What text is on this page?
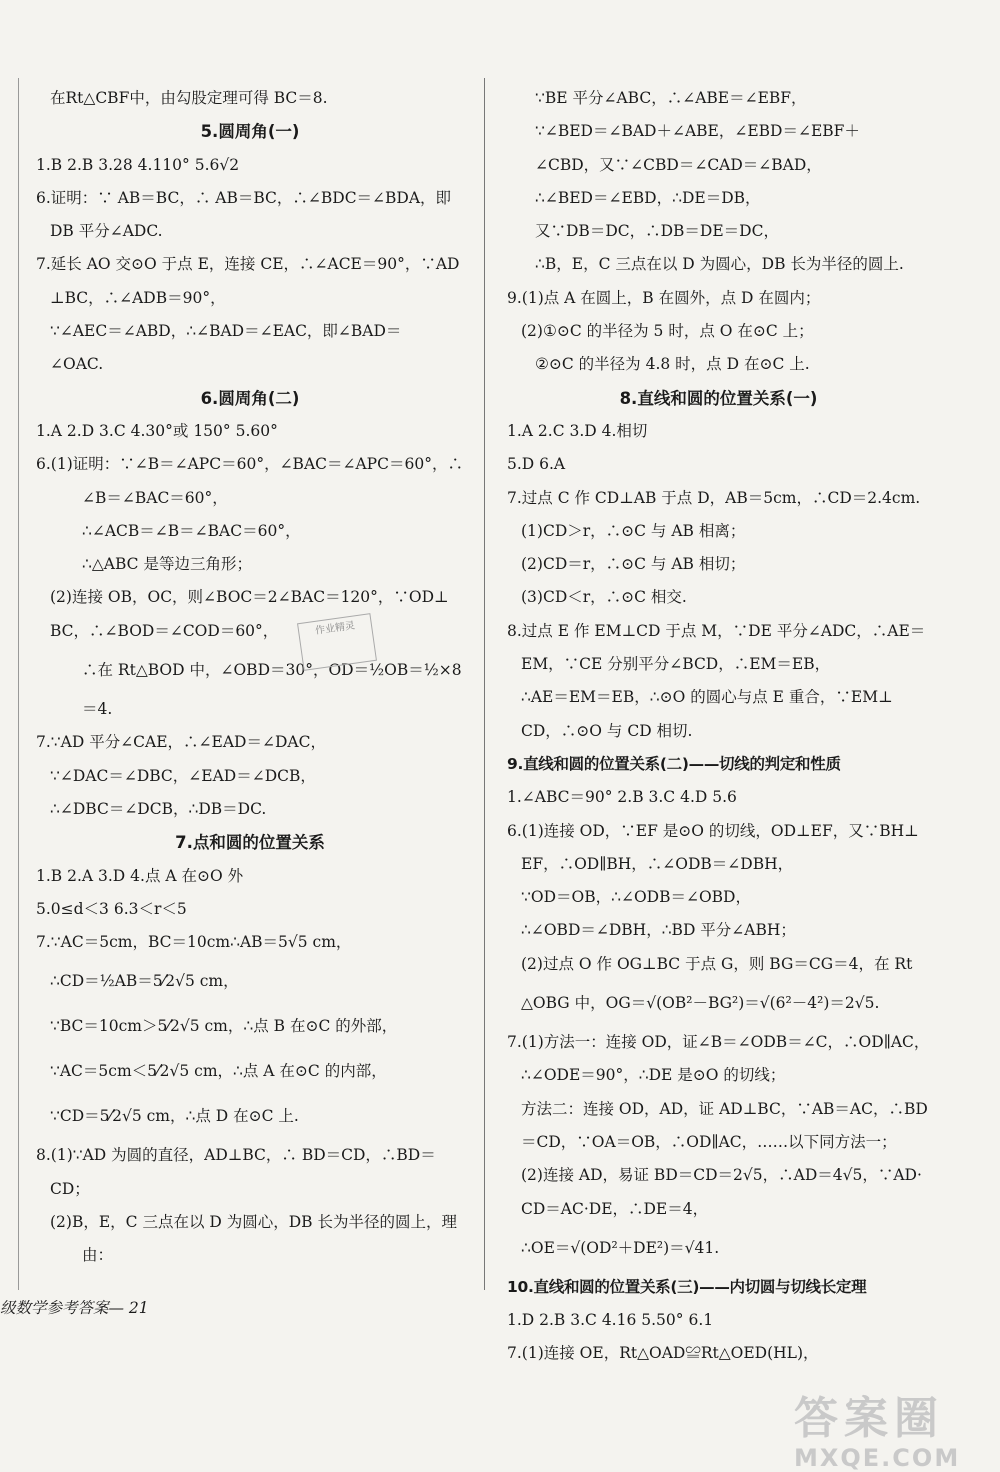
在Rt△CBF中，由勾股定理可得 BC＝8.
5.圆周角(一)
1.B 2.B 3.28 4.110° 5.6√2
6.证明：∵ AB＝BC，∴ AB＝BC，∴∠BDC＝∠BDA，即
DB 平分∠ADC.
7.延长 AO 交⊙O 于点 E，连接 CE，∴∠ACE＝90°，∵AD
⊥BC，∴∠ADB＝90°，
∵∠AEC＝∠ABD，∴∠BAD＝∠EAC，即∠BAD＝
∠OAC.
6.圆周角(二)
1.A 2.D 3.C 4.30°或 150° 5.60°
6.(1)证明：∵∠B＝∠APC＝60°，∠BAC＝∠APC＝60°，∴
∠B＝∠BAC＝60°，
∴∠ACB＝∠B＝∠BAC＝60°，
∴△ABC 是等边三角形；
(2)连接 OB，OC，则∠BOC＝2∠BAC＝120°，∵OD⊥
BC，∴∠BOD＝∠COD＝60°，
∴在 Rt△BOD 中，∠OBD＝30°，OD＝½OB＝½×8
＝4.
7.∵AD 平分∠CAE，∴∠EAD＝∠DAC，
∵∠DAC＝∠DBC，∠EAD＝∠DCB，
∴∠DBC＝∠DCB，∴DB＝DC.
7.点和圆的位置关系
1.B 2.A 3.D 4.点 A 在⊙O 外
5.0≤d＜3 6.3＜r＜5
7.∵AC＝5cm，BC＝10cm∴AB＝5√5 cm，
∴CD＝½AB＝5⁄2√5 cm，
∵BC＝10cm＞5⁄2√5 cm，∴点 B 在⊙C 的外部，
∵AC＝5cm＜5⁄2√5 cm，∴点 A 在⊙C 的内部，
∵CD＝5⁄2√5 cm，∴点 D 在⊙C 上.
8.(1)∵AD 为圆的直径，AD⊥BC，∴ BD＝CD，∴BD＝
CD；
(2)B，E，C 三点在以 D 为圆心，DB 长为半径的圆上，理
由：
∵BE 平分∠ABC，∴∠ABE＝∠EBF，
∵∠BED＝∠BAD＋∠ABE，∠EBD＝∠EBF＋
∠CBD，又∵∠CBD＝∠CAD＝∠BAD，
∴∠BED＝∠EBD，∴DE＝DB，
又∵DB＝DC，∴DB＝DE＝DC，
∴B，E，C 三点在以 D 为圆心，DB 长为半径的圆上.
9.(1)点 A 在圆上，B 在圆外，点 D 在圆内；
(2)①⊙C 的半径为 5 时，点 O 在⊙C 上；
②⊙C 的半径为 4.8 时，点 D 在⊙C 上.
8.直线和圆的位置关系(一)
1.A 2.C 3.D 4.相切
5.D 6.A
7.过点 C 作 CD⊥AB 于点 D，AB＝5cm，∴CD＝2.4cm.
(1)CD＞r，∴⊙C 与 AB 相离；
(2)CD＝r，∴⊙C 与 AB 相切；
(3)CD＜r，∴⊙C 相交.
8.过点 E 作 EM⊥CD 于点 M，∵DE 平分∠ADC，∴AE＝
EM，∵CE 分别平分∠BCD，∴EM＝EB，
∴AE＝EM＝EB，∴⊙O 的圆心与点 E 重合，∵EM⊥
CD，∴⊙O 与 CD 相切.
9.直线和圆的位置关系(二)——切线的判定和性质
1.∠ABC＝90° 2.B 3.C 4.D 5.6
6.(1)连接 OD，∵EF 是⊙O 的切线，OD⊥EF，又∵BH⊥
EF，∴OD∥BH，∴∠ODB＝∠DBH，
∵OD＝OB，∴∠ODB＝∠OBD，
∴∠OBD＝∠DBH，∴BD 平分∠ABH；
(2)过点 O 作 OG⊥BC 于点 G，则 BG＝CG＝4，在 Rt
△OBG 中，OG＝√(OB²－BG²)＝√(6²－4²)＝2√5.
7.(1)方法一：连接 OD，证∠B＝∠ODB＝∠C，∴OD∥AC，
∴∠ODE＝90°，∴DE 是⊙O 的切线；
方法二：连接 OD，AD，证 AD⊥BC，∵AB＝AC，∴BD
＝CD，∵OA＝OB，∴OD∥AC，……以下同方法一；
(2)连接 AD，易证 BD＝CD＝2√5，∴AD＝4√5，∵AD·
CD＝AC·DE，∴DE＝4，
∴OE＝√(OD²＋DE²)＝√41.
10.直线和圆的位置关系(三)——内切圆与切线长定理
1.D 2.B 3.C 4.16 5.50° 6.1
7.(1)连接 OE，Rt△OAD≌Rt△OED(HL)，
作业精灵
级数学参考答案— 21
答案圈
MXQE.COM
